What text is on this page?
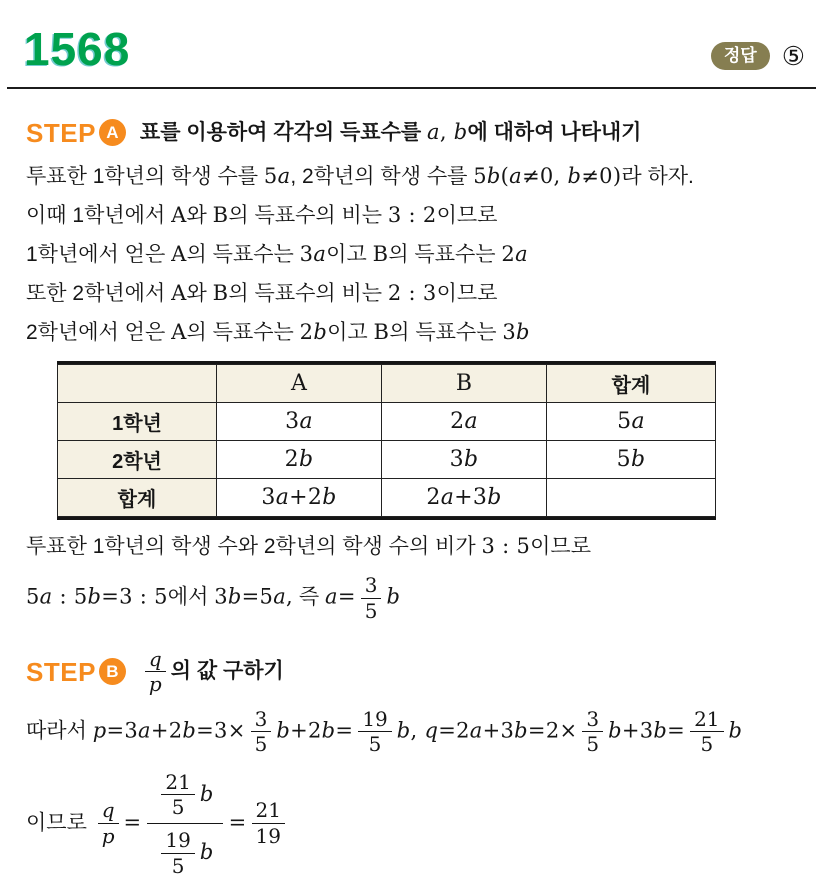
1568	정답 ⑤
STEP A	표를 이용하여 각각의 득표수를 a, b에 대하여 나타내기
투표한 1학년의 학생 수를 5a, 2학년의 학생 수를 5b(a≠0, b≠0)라 하자.
이때 1학년에서 A와 B의 득표수의 비는 3 : 2이므로
1학년에서 얻은 A의 득표수는 3a이고 B의 득표수는 2a
또한 2학년에서 A와 B의 득표수의 비는 2 : 3이므로
2학년에서 얻은 A의 득표수는 2b이고 B의 득표수는 3b
	A	B	합계
1학년	3a	2a	5a
2학년	2b	3b	5b
합계	3a+2b	2a+3b	
투표한 1학년의 학생 수와 2학년의 학생 수의 비가 3 : 5이므로
5a : 5b=3 : 5에서 3b=5a, 즉 $a= \frac{3}{5}$ b
STEP B	$\frac{q}{p}$ 의 값 구하기
따라서 $p=3a+2b=3\times \frac{3}{5} b+2b= \frac{19}{5} b$, $q=2a+3b=2\times \frac{3}{5} b+3b= \frac{21}{5}$ b
이므로 $\frac{q}{p} = \frac{\frac{21}{5} b}{\frac{19}{5} b} = \frac{21}{19}$
